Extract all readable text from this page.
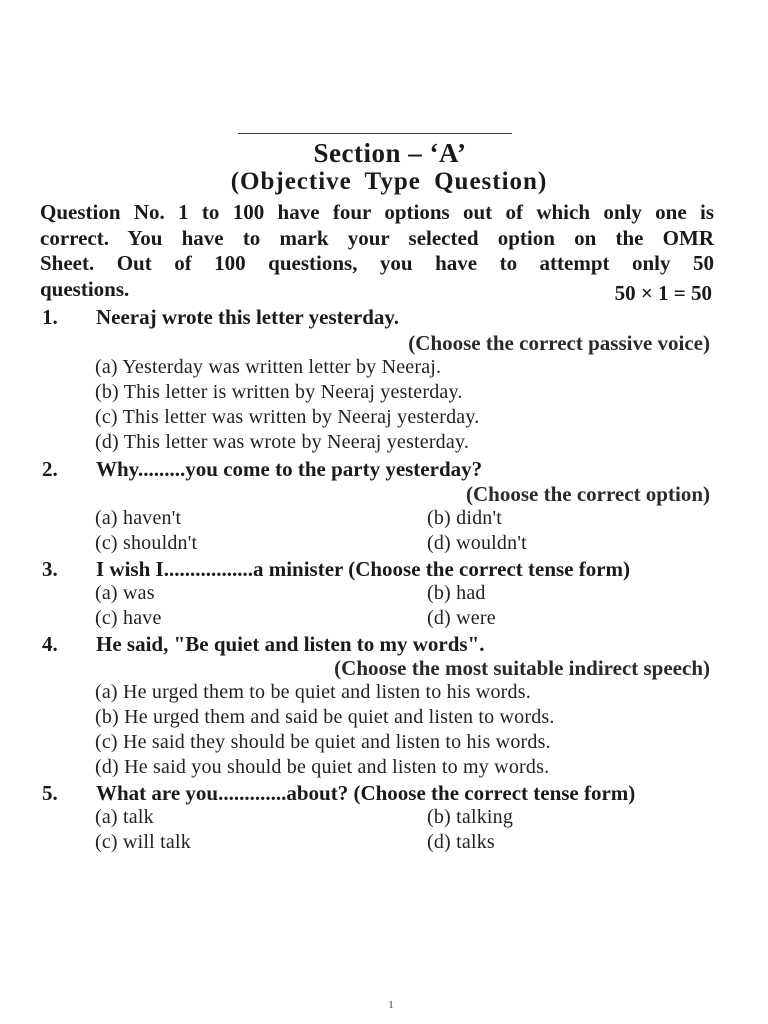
Section – ‘A’
(Objective Type Question)
Question No. 1 to 100 have four options out of which only one is
correct. You have to mark your selected option on the OMR
Sheet. Out of 100 questions, you have to attempt only 50
questions.	50 × 1 = 50
1. Neeraj wrote this letter yesterday.
(Choose the correct passive voice)
(a) Yesterday was written letter by Neeraj.
(b) This letter is written by Neeraj yesterday.
(c) This letter was written by Neeraj yesterday.
(d) This letter was wrote by Neeraj yesterday.
2. Why.........you come to the party yesterday?
(Choose the correct option)
(a) haven't	(b) didn't
(c) shouldn't	(d) wouldn't
3. I wish I.................a minister (Choose the correct tense form)
(a) was	(b) had
(c) have	(d) were
4. He said, "Be quiet and listen to my words".
(Choose the most suitable indirect speech)
(a) He urged them to be quiet and listen to his words.
(b) He urged them and said be quiet and listen to words.
(c) He said they should be quiet and listen to his words.
(d) He said you should be quiet and listen to my words.
5. What are you.............about? (Choose the correct tense form)
(a) talk	(b) talking
(c) will talk	(d) talks
1
